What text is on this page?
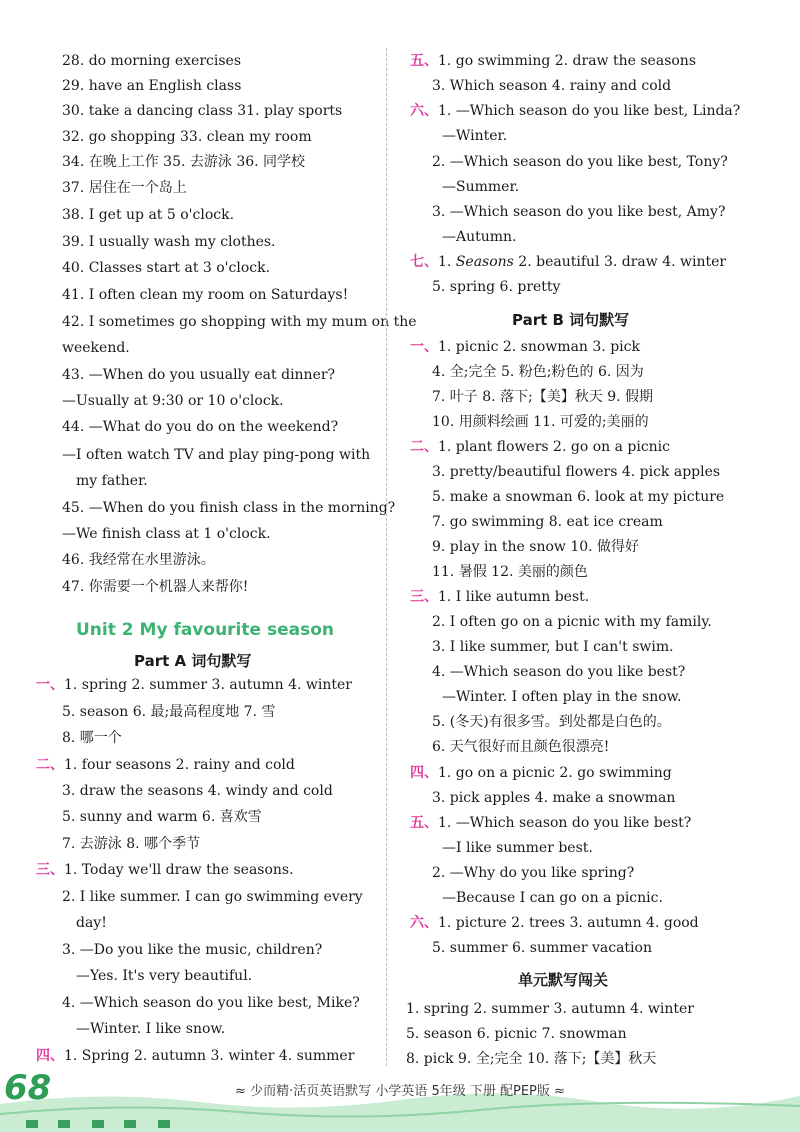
28. do morning exercises
29. have an English class
30. take a dancing class 31. play sports
32. go shopping 33. clean my room
34. 在晚上工作 35. 去游泳 36. 同学校
37. 居住在一个岛上
38. I get up at 5 o'clock.
39. I usually wash my clothes.
40. Classes start at 3 o'clock.
41. I often clean my room on Saturdays!
42. I sometimes go shopping with my mum on the
weekend.
43. —When do you usually eat dinner?
—Usually at 9:30 or 10 o'clock.
44. —What do you do on the weekend?
—I often watch TV and play ping-pong with
my father.
45. —When do you finish class in the morning?
—We finish class at 1 o'clock.
46. 我经常在水里游泳。
47. 你需要一个机器人来帮你!
一、1. spring 2. summer 3. autumn 4. winter
5. season 6. 最;最高程度地 7. 雪
8. 哪一个
二、1. four seasons 2. rainy and cold
3. draw the seasons 4. windy and cold
5. sunny and warm 6. 喜欢雪
7. 去游泳 8. 哪个季节
三、1. Today we'll draw the seasons.
2. I like summer. I can go swimming every
day!
3. —Do you like the music, children?
—Yes. It's very beautiful.
4. —Which season do you like best, Mike?
—Winter. I like snow.
四、1. Spring 2. autumn 3. winter 4. summer
五、1. go swimming 2. draw the seasons
3. Which season 4. rainy and cold
六、1. —Which season do you like best, Linda?
—Winter.
2. —Which season do you like best, Tony?
—Summer.
3. —Which season do you like best, Amy?
—Autumn.
七、1. Seasons 2. beautiful 3. draw 4. winter
5. spring 6. pretty
一、1. picnic 2. snowman 3. pick
4. 全;完全 5. 粉色;粉色的 6. 因为
7. 叶子 8. 落下;【美】秋天 9. 假期
10. 用颜料绘画 11. 可爱的;美丽的
二、1. plant flowers 2. go on a picnic
3. pretty/beautiful flowers 4. pick apples
5. make a snowman 6. look at my picture
7. go swimming 8. eat ice cream
9. play in the snow 10. 做得好
11. 暑假 12. 美丽的颜色
三、1. I like autumn best.
2. I often go on a picnic with my family.
3. I like summer, but I can't swim.
4. —Which season do you like best?
—Winter. I often play in the snow.
5. (冬天)有很多雪。到处都是白色的。
6. 天气很好而且颜色很漂亮!
四、1. go on a picnic 2. go swimming
3. pick apples 4. make a snowman
五、1. —Which season do you like best?
—I like summer best.
2. —Why do you like spring?
—Because I can go on a picnic.
六、1. picture 2. trees 3. autumn 4. good
5. summer 6. summer vacation
1. spring 2. summer 3. autumn 4. winter
5. season 6. picnic 7. snowman
8. pick 9. 全;完全 10. 落下;【美】秋天
Unit 2 My favourite season
Part A 词句默写
Part B 词句默写
单元默写闯关
68	≈ 少而精·活页英语默写 小学英语 5年级 下册 配PEP版 ≈
